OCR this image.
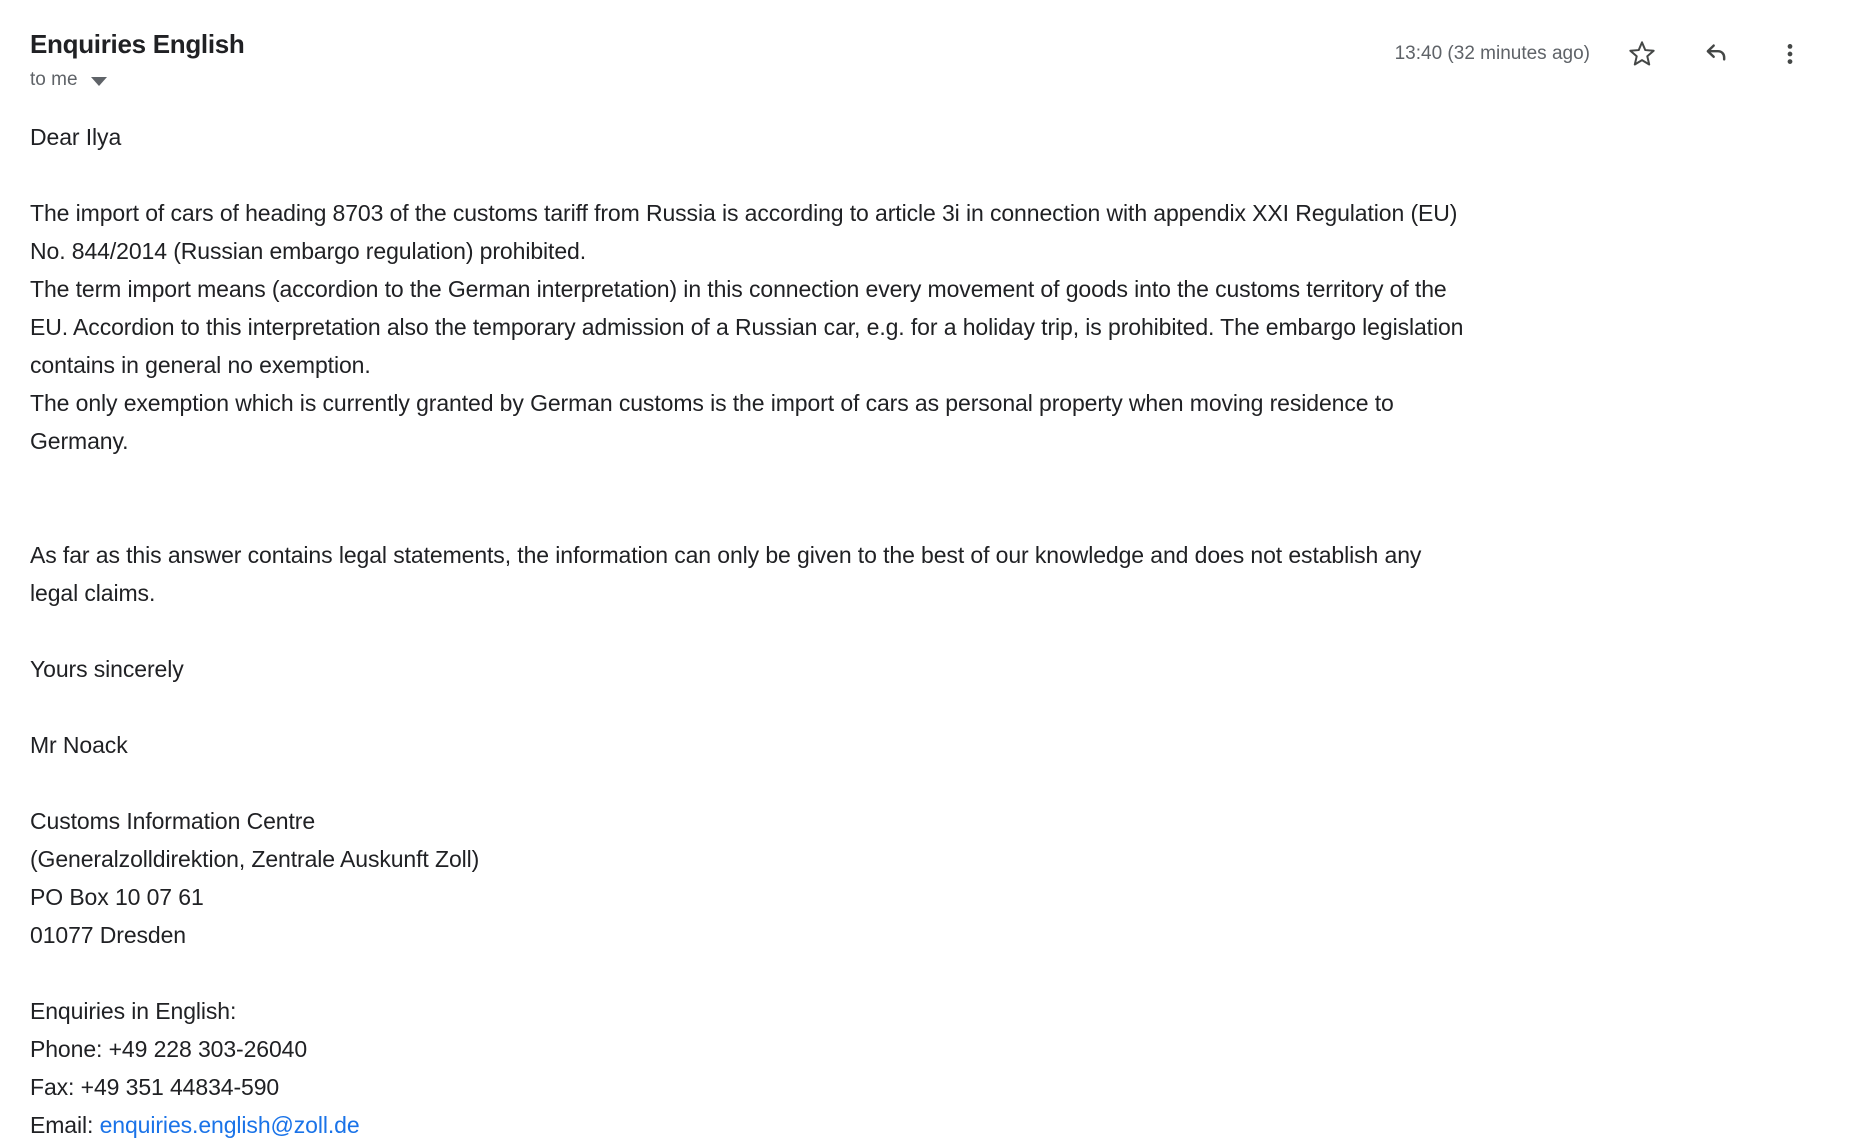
Enquiries English
to me
13:40 (32 minutes ago)
Dear Ilya
The import of cars of heading 8703 of the customs tariff from Russia is according to article 3i in connection with appendix XXI Regulation (EU)
No. 844/2014 (Russian embargo regulation) prohibited.
The term import means (accordion to the German interpretation) in this connection every movement of goods into the customs territory of the
EU. Accordion to this interpretation also the temporary admission of a Russian car, e.g. for a holiday trip, is prohibited. The embargo legislation
contains in general no exemption.
The only exemption which is currently granted by German customs is the import of cars as personal property when moving residence to
Germany.
As far as this answer contains legal statements, the information can only be given to the best of our knowledge and does not establish any
legal claims.
Yours sincerely
Mr Noack
Customs Information Centre
(Generalzolldirektion, Zentrale Auskunft Zoll)
PO Box 10 07 61
01077 Dresden
Enquiries in English:
Phone: +49 228 303-26040
Fax: +49 351 44834-590
Email: enquiries.english@zoll.de
